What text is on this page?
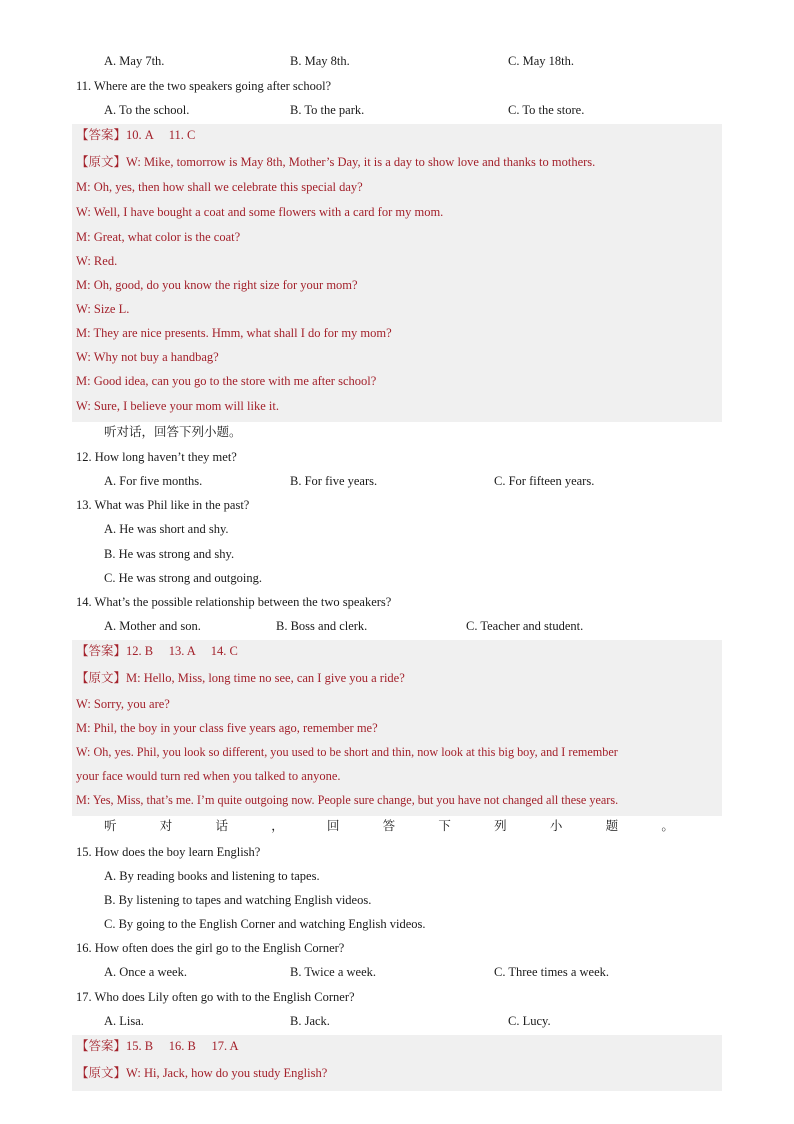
A. May 7th.	B. May 8th.	C. May 18th.
11. Where are the two speakers going after school?
A. To the school.	B. To the park.	C. To the store.
【答案】10. A     11. C
【原文】W: Mike, tomorrow is May 8th, Mother’s Day, it is a day to show love and thanks to mothers.
M: Oh, yes, then how shall we celebrate this special day?
W: Well, I have bought a coat and some flowers with a card for my mom.
M: Great, what color is the coat?
W: Red.
M: Oh, good, do you know the right size for your mom?
W: Size L.
M: They are nice presents. Hmm, what shall I do for my mom?
W: Why not buy a handbag?
M: Good idea, can you go to the store with me after school?
W: Sure, I believe your mom will like it.
听对话，回答下列小题。
12. How long haven’t they met?
A. For five months.	B. For five years.	C. For fifteen years.
13. What was Phil like in the past?
A. He was short and shy.
B. He was strong and shy.
C. He was strong and outgoing.
14. What’s the possible relationship between the two speakers?
A. Mother and son.	B. Boss and clerk.	C. Teacher and student.
【答案】12. B     13. A     14. C
【原文】M: Hello, Miss, long time no see, can I give you a ride?
W: Sorry, you are?
M: Phil, the boy in your class five years ago, remember me?
W: Oh, yes. Phil, you look so different, you used to be short and thin, now look at this big boy, and I remember
your face would turn red when you talked to anyone.
M: Yes, Miss, that’s me. I’m quite outgoing now. People sure change, but you have not changed all these years.
听	对	话	，	回	答	下	列	小	题	。
15. How does the boy learn English?
A. By reading books and listening to tapes.
B. By listening to tapes and watching English videos.
C. By going to the English Corner and watching English videos.
16. How often does the girl go to the English Corner?
A. Once a week.	B. Twice a week.	C. Three times a week.
17. Who does Lily often go with to the English Corner?
A. Lisa.	B. Jack.	C. Lucy.
【答案】15. B     16. B     17. A
【原文】W: Hi, Jack, how do you study English?
